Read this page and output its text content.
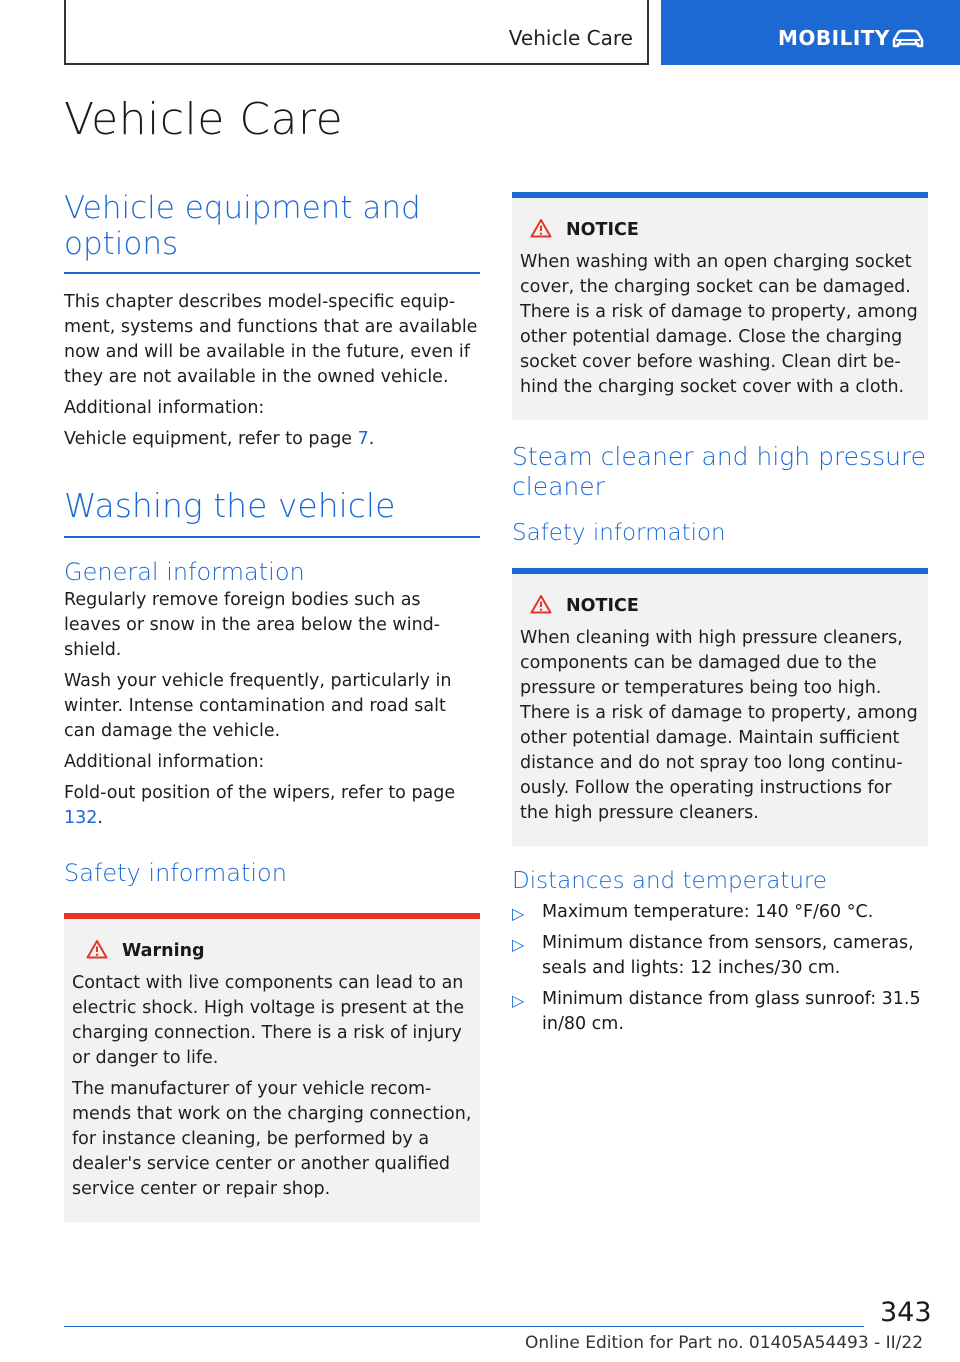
Vehicle Care	MOBILITY
Vehicle Care
Vehicle equipment and options
This chapter describes model-specific equip-ment, systems and functions that are available now and will be available in the future, even if they are not available in the owned vehicle.
Additional information:
Vehicle equipment, refer to page 7.
Washing the vehicle
General information
Regularly remove foreign bodies such as leaves or snow in the area below the wind-shield.
Wash your vehicle frequently, particularly in winter. Intense contamination and road salt can damage the vehicle.
Additional information:
Fold-out position of the wipers, refer to page 132.
Safety information
Warning
Contact with live components can lead to an electric shock. High voltage is present at the charging connection. There is a risk of injury or danger to life.
The manufacturer of your vehicle recom-mends that work on the charging connection, for instance cleaning, be performed by a dealer's service center or another qualified service center or repair shop.
NOTICE
When washing with an open charging socket cover, the charging socket can be damaged. There is a risk of damage to property, among other potential damage. Close the charging socket cover before washing. Clean dirt be-hind the charging socket cover with a cloth.
Steam cleaner and high pressure cleaner
Safety information
NOTICE
When cleaning with high pressure cleaners, components can be damaged due to the pressure or temperatures being too high. There is a risk of damage to property, among other potential damage. Maintain sufficient distance and do not spray too long continu-ously. Follow the operating instructions for the high pressure cleaners.
Distances and temperature
▷ Maximum temperature: 140 °F/60 °C.
▷ Minimum distance from sensors, cameras, seals and lights: 12 inches/30 cm.
▷ Minimum distance from glass sunroof: 31.5 in/80 cm.
343
Online Edition for Part no. 01405A54493 - II/22
